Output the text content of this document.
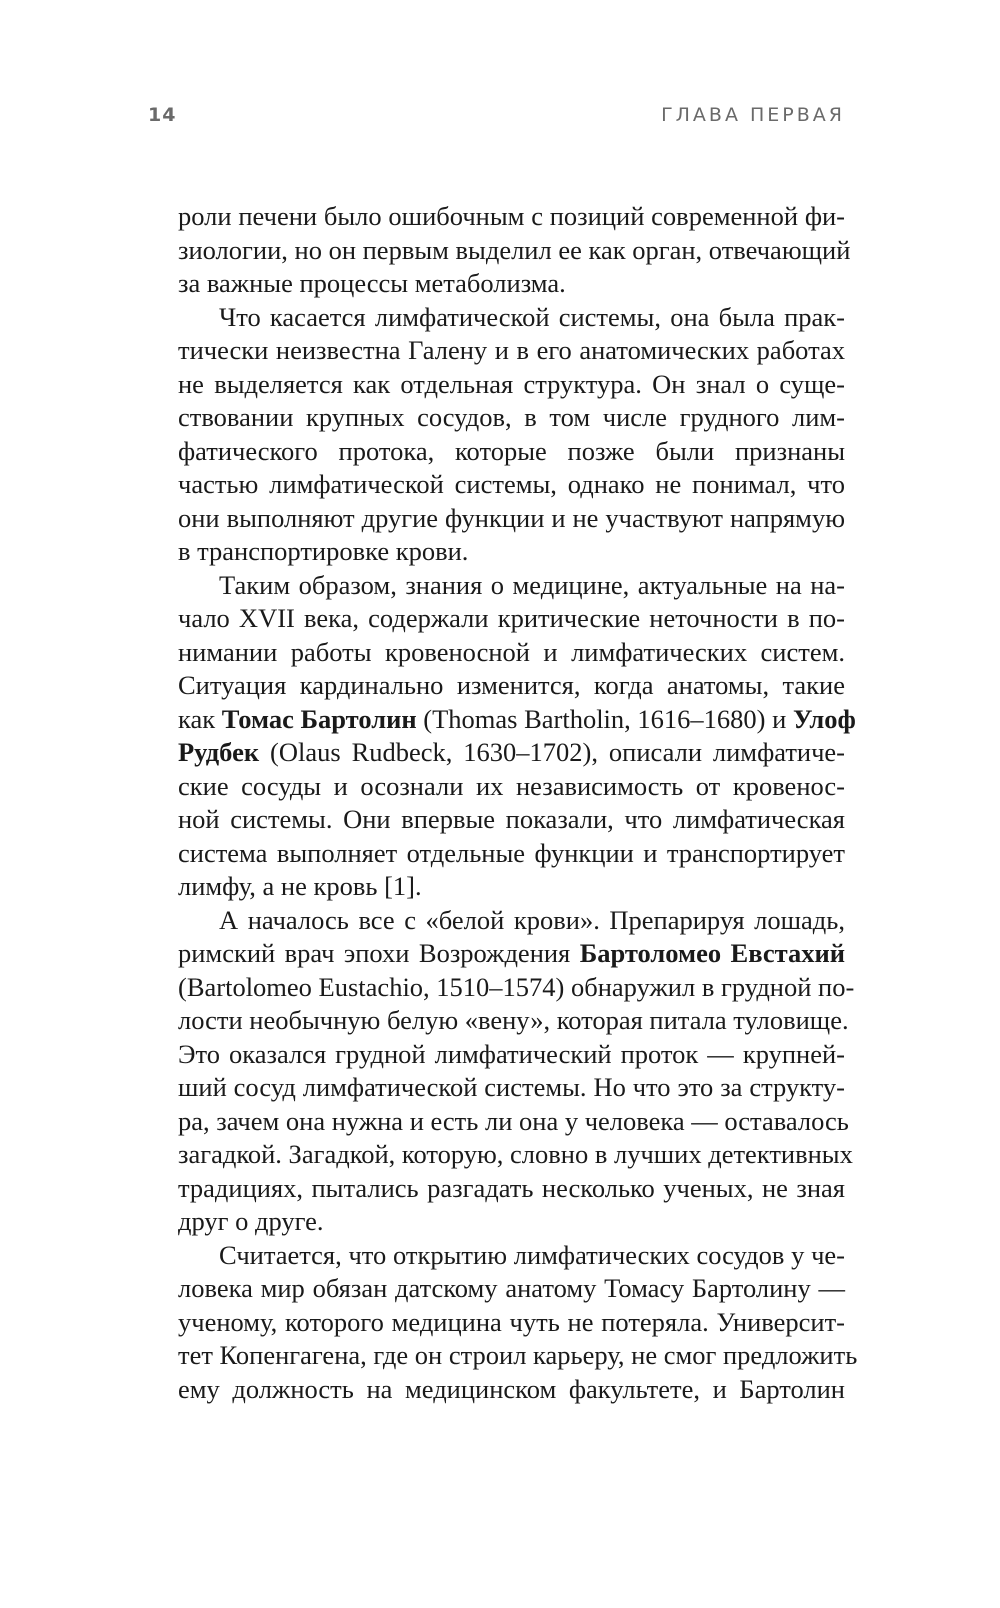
14	ГЛАВА ПЕРВАЯ
роли печени было ошибочным с позиций современной фи-
зиологии, но он первым выделил ее как орган, отвечающий
за важные процессы метаболизма.
Что касается лимфатической системы, она была прак-
тически неизвестна Галену и в его анатомических работах
не выделяется как отдельная структура. Он знал о суще-
ствовании крупных сосудов, в том числе грудного лим-
фатического протока, которые позже были признаны
частью лимфатической системы, однако не понимал, что
они выполняют другие функции и не участвуют напрямую
в транспортировке крови.
Таким образом, знания о медицине, актуальные на на-
чало XVII века, содержали критические неточности в по-
нимании работы кровеносной и лимфатических систем.
Ситуация кардинально изменится, когда анатомы, такие
как Томас Бартолин (Thomas Bartholin, 1616–1680) и Улоф
Рудбек (Olaus Rudbeck, 1630–1702), описали лимфатиче-
ские сосуды и осознали их независимость от кровенос-
ной системы. Они впервые показали, что лимфатическая
система выполняет отдельные функции и транспортирует
лимфу, а не кровь [1].
А началось все с «белой крови». Препарируя лошадь,
римский врач эпохи Возрождения Бартоломео Евстахий
(Bartolomeo Eustachio, 1510–1574) обнаружил в грудной по-
лости необычную белую «вену», которая питала туловище.
Это оказался грудной лимфатический проток — крупней-
ший сосуд лимфатической системы. Но что это за структу-
ра, зачем она нужна и есть ли она у человека — оставалось
загадкой. Загадкой, которую, словно в лучших детективных
традициях, пытались разгадать несколько ученых, не зная
друг о друге.
Считается, что открытию лимфатических сосудов у че-
ловека мир обязан датскому анатому Томасу Бартолину —
ученому, которого медицина чуть не потеряла. Университ-
тет Копенгагена, где он строил карьеру, не смог предложить
ему должность на медицинском факультете, и Бартолин
